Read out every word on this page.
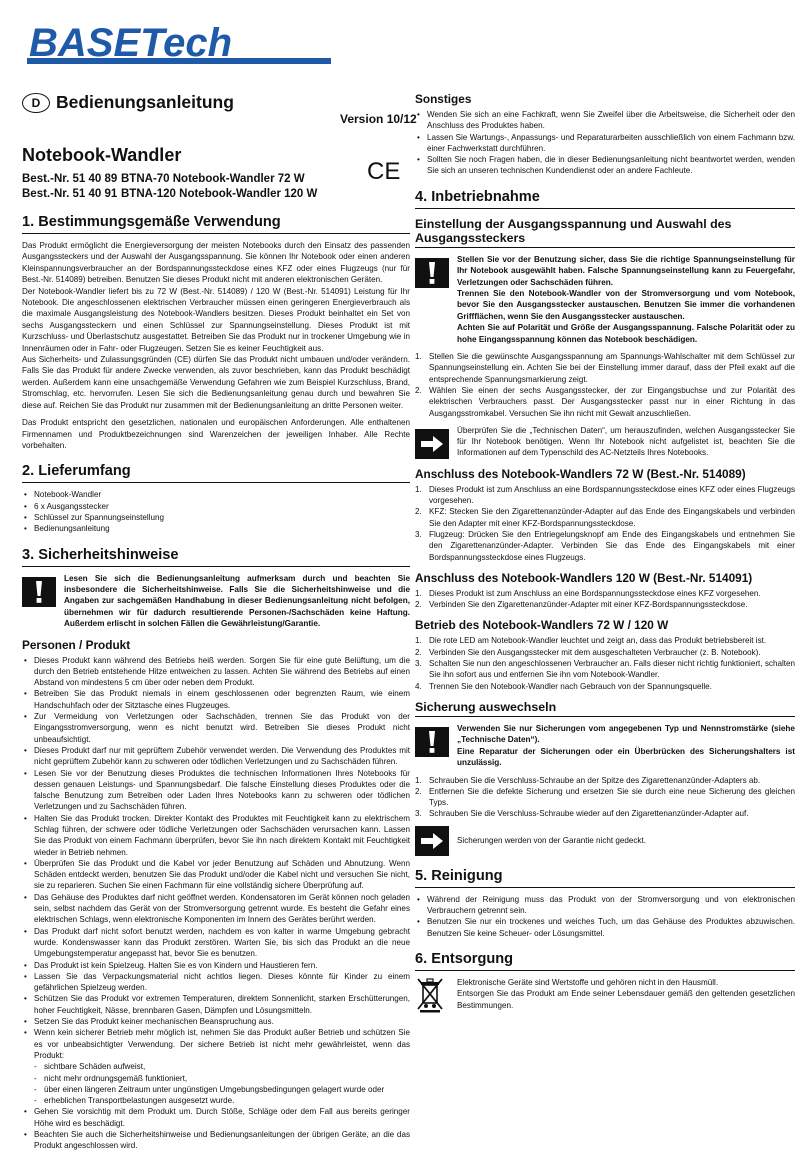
BASETech
D Bedienungsanleitung
Notebook-Wandler
Best.-Nr. 51 40 89 BTNA-70 Notebook-Wandler 72 W
Best.-Nr. 51 40 91 BTNA-120 Notebook-Wandler 120 W
1. Bestimmungsgemäße Verwendung

Das Produkt ermöglicht die Energieversorgung der meisten Notebooks durch den Einsatz des passenden Ausgangssteckers und der Auswahl der Ausgangsspannung. Sie können Ihr Notebook oder einen anderen Kleinspannungsverbraucher an der Bordspannungssteckdose eines KFZ oder eines Flugzeugs (nur für Best.-Nr. 514089) betreiben. Benutzen Sie dieses Produkt nicht mit anderen elektronischen Geräten.

Der Notebook-Wandler liefert bis zu 72 W (Best.-Nr. 514089) / 120 W (Best.-Nr. 514091) Leistung für Ihr Notebook. Die angeschlossenen elektrischen Verbraucher müssen einen geringeren Energieverbrauch als die maximale Ausgangsleistung des Notebook-Wandlers besitzen. Dieses Produkt beinhaltet ein Set von sechs Ausgangssteckern und einen Schlüssel zur Spannungseinstellung. Dieses Produkt ist mit Kurzschluss- und Überlastschutz ausgestattet. Betreiben Sie das Produkt nur in trockener Umgebung wie in Innenräumen oder in Fahr- oder Flugzeugen. Setzen Sie es keiner Feuchtigkeit aus.

Aus Sicherheits- und Zulassungsgründen (CE) dürfen Sie das Produkt nicht umbauen und/oder verändern. Falls Sie das Produkt für andere Zwecke verwenden, als zuvor beschrieben, kann das Produkt beschädigt werden. Außerdem kann eine unsachgemäße Verwendung Gefahren wie zum Beispiel Kurzschluss, Brand, Stromschlag, etc. hervorrufen. Lesen Sie sich die Bedienungsanleitung genau durch und bewahren Sie diese auf. Reichen Sie das Produkt nur zusammen mit der Bedienungsanleitung an dritte Personen weiter.

Das Produkt entspricht den gesetzlichen, nationalen und europäischen Anforderungen. Alle enthaltenen Firmennamen und Produktbezeichnungen sind Warenzeichen der jeweiligen Inhaber. Alle Rechte vorbehalten.

2. Lieferumfang
• Notebook-Wandler
• 6 x Ausgangsstecker
• Schlüssel zur Spannungseinstellung
• Bedienungsanleitung
3. Sicherheitshinweise
Lesen Sie sich die Bedienungsanleitung aufmerksam durch und beachten Sie insbesondere die Sicherheitshinweise. Falls Sie die Sicherheitshinweise und die Angaben zur sachgemäßen Handhabung in dieser Bedienungsanleitung nicht befolgen, übernehmen wir für dadurch resultierende Personen-/Sachschäden keine Haftung. Außerdem erlischt in solchen Fällen die Gewährleistung/Garantie.
Personen / Produkt
• Dieses Produkt kann während des Betriebs heiß werden. Sorgen Sie für eine gute Belüftung, um die durch den Betrieb entstehende Hitze entweichen zu lassen. Achten Sie während des Betriebs auf einen Abstand von mindestens 5 cm über oder neben dem Produkt.
• Betreiben Sie das Produkt niemals in einem geschlossenen oder begrenzten Raum, wie einem Handschuhfach oder der Sitztasche eines Flugzeuges.
• Zur Vermeidung von Verletzungen oder Sachschäden, trennen Sie das Produkt von der Eingangsstromversorgung, wenn es nicht benutzt wird. Betreiben Sie dieses Produkt nicht unbeaufsichtigt.
• Dieses Produkt darf nur mit geprüftem Zubehör verwendet werden. Die Verwendung des Produktes mit nicht geprüftem Zubehör kann zu schweren oder tödlichen Verletzungen und zu Sachschäden führen.
• Lesen Sie vor der Benutzung dieses Produktes die technischen Informationen Ihres Notebooks für dessen genauen Leistungs- und Spannungsbedarf. Die falsche Einstellung dieses Produktes oder die falsche Benutzung zum Betreiben oder Laden Ihres Notebooks kann zu schweren oder tödlichen Verletzungen und zu Sachschäden führen.
• Halten Sie das Produkt trocken. Direkter Kontakt des Produktes mit Feuchtigkeit kann zu elektrischem Schlag führen, der schwere oder tödliche Verletzungen oder Sachschäden verursachen kann. Lassen Sie das Produkt von einem Fachmann überprüfen, bevor Sie ihn nach direktem Kontakt mit Feuchtigkeit wieder in Betrieb nehmen.
• Überprüfen Sie das Produkt und die Kabel vor jeder Benutzung auf Schäden und Abnutzung. Wenn Schäden entdeckt werden, benutzen Sie das Produkt und/oder die Kabel nicht und versuchen Sie nicht, sie zu reparieren. Suchen Sie einen Fachmann für eine vollständig sichere Überprüfung auf.
• Das Gehäuse des Produktes darf nicht geöffnet werden. Kondensatoren im Gerät können noch geladen sein, selbst nachdem das Gerät von der Stromversorgung getrennt wurde. Es besteht die Gefahr eines elektrischen Schlags, wenn elektronische Komponenten im Innern des Gerätes berührt werden.
• Das Produkt darf nicht sofort benutzt werden, nachdem es von kalter in warme Umgebung gebracht wurde. Kondenswasser kann das Produkt zerstören. Warten Sie, bis sich das Produkt an die neue Umgebungstemperatur angepasst hat, bevor Sie es benutzen.
• Das Produkt ist kein Spielzeug. Halten Sie es von Kindern und Haustieren fern.
• Lassen Sie das Verpackungsmaterial nicht achtlos liegen. Dieses könnte für Kinder zu einem gefährlichen Spielzeug werden.
• Schützen Sie das Produkt vor extremen Temperaturen, direktem Sonnenlicht, starken Erschütterungen, hoher Feuchtigkeit, Nässe, brennbaren Gasen, Dämpfen und Lösungsmitteln.
• Setzen Sie das Produkt keiner mechanischen Beanspruchung aus.
• Wenn kein sicherer Betrieb mehr möglich ist, nehmen Sie das Produkt außer Betrieb und schützen Sie es vor unbeabsichtigter Verwendung. Der sichere Betrieb ist nicht mehr gewährleistet, wenn das Produkt:
- sichtbare Schäden aufweist,
- nicht mehr ordnungsgemäß funktioniert,
- über einen längeren Zeitraum unter ungünstigen Umgebungsbedingungen gelagert wurde oder
- erheblichen Transportbelastungen ausgesetzt wurde.
• Gehen Sie vorsichtig mit dem Produkt um. Durch Stöße, Schläge oder dem Fall aus bereits geringer Höhe wird es beschädigt.
• Beachten Sie auch die Sicherheitshinweise und Bedienungsanleitungen der übrigen Geräte, an die das Produkt angeschlossen wird.
Version 10/12
CE
Sonstiges
• Wenden Sie sich an eine Fachkraft, wenn Sie Zweifel über die Arbeitsweise, die Sicherheit oder den Anschluss des Produktes haben.
• Lassen Sie Wartungs-, Anpassungs- und Reparaturarbeiten ausschließlich von einem Fachmann bzw. einer Fachwerkstatt durchführen.
• Sollten Sie noch Fragen haben, die in dieser Bedienungsanleitung nicht beantwortet werden, wenden Sie sich an unseren technischen Kundendienst oder an andere Fachleute.
4. Inbetriebnahme
Einstellung der Ausgangsspannung und Auswahl des Ausgangssteckers
Stellen Sie vor der Benutzung sicher, dass Sie die richtige Spannungseinstellung für Ihr Notebook ausgewählt haben. Falsche Spannungseinstellung kann zu Feuergefahr, Verletzungen oder Sachschäden führen.
Trennen Sie den Notebook-Wandler von der Stromversorgung und vom Notebook, bevor Sie den Ausgangsstecker austauschen. Benutzen Sie immer die vorhandenen Griffflächen, wenn Sie den Ausgangsstecker austauschen.
Achten Sie auf Polarität und Größe der Ausgangsspannung. Falsche Polarität oder zu hohe Eingangsspannung können das Notebook beschädigen.
1. Stellen Sie die gewünschte Ausgangsspannung am Spannungs-Wahlschalter mit dem Schlüssel zur Spannungseinstellung ein. Achten Sie bei der Einstellung immer darauf, dass der Pfeil exakt auf die entsprechende Spannungsmarkierung zeigt.
2. Wählen Sie einen der sechs Ausgangsstecker, der zur Eingangsbuchse und zur Polarität des elektrischen Verbrauchers passt. Der Ausgangsstecker passt nur in einer Richtung in das Ausgangsstromkabel. Versuchen Sie ihn nicht mit Gewalt anzuschließen.
Überprüfen Sie die „Technischen Daten“, um herauszufinden, welchen Ausgangsstecker Sie für Ihr Notebook benötigen. Wenn Ihr Notebook nicht aufgelistet ist, beachten Sie die Informationen auf dem Typenschild des AC-Netzteils Ihres Notebooks.
Anschluss des Notebook-Wandlers 72 W (Best.-Nr. 514089)
1. Dieses Produkt ist zum Anschluss an eine Bordspannungssteckdose eines KFZ oder eines Flugzeugs vorgesehen.
2. KFZ: Stecken Sie den Zigarettenanzünder-Adapter auf das Ende des Eingangskabels und verbinden Sie den Adapter mit einer KFZ-Bordspannungssteckdose.
3. Flugzeug: Drücken Sie den Entriegelungsknopf am Ende des Eingangskabels und entnehmen Sie den Zigarettenanzünder-Adapter. Verbinden Sie das Ende des Eingangskabels mit einer Bordspannungssteckdose eines Flugzeugs.
Anschluss des Notebook-Wandlers 120 W (Best.-Nr. 514091)
1. Dieses Produkt ist zum Anschluss an eine Bordspannungssteckdose eines KFZ vorgesehen.
2. Verbinden Sie den Zigarettenanzünder-Adapter mit einer KFZ-Bordspannungssteckdose.
Betrieb des Notebook-Wandlers 72 W / 120 W
1. Die rote LED am Notebook-Wandler leuchtet und zeigt an, dass das Produkt betriebsbereit ist.
2. Verbinden Sie den Ausgangsstecker mit dem ausgeschalteten Verbraucher (z. B. Notebook).
3. Schalten Sie nun den angeschlossenen Verbraucher an. Falls dieser nicht richtig funktioniert, schalten Sie ihn sofort aus und entfernen Sie ihn vom Notebook-Wandler.
4. Trennen Sie den Notebook-Wandler nach Gebrauch von der Spannungsquelle.
Sicherung auswechseln
Verwenden Sie nur Sicherungen vom angegebenen Typ und Nennstromstärke (siehe „Technische Daten“).
Eine Reparatur der Sicherungen oder ein Überbrücken des Sicherungshalters ist unzulässig.
1. Schrauben Sie die Verschluss-Schraube an der Spitze des Zigarettenanzünder-Adapters ab.
2. Entfernen Sie die defekte Sicherung und ersetzen Sie sie durch eine neue Sicherung des gleichen Typs.
3. Schrauben Sie die Verschluss-Schraube wieder auf den Zigarettenanzünder-Adapter auf.
Sicherungen werden von der Garantie nicht gedeckt.
5. Reinigung
• Während der Reinigung muss das Produkt von der Stromversorgung und von elektronischen Verbrauchern getrennt sein.
• Benutzen Sie nur ein trockenes und weiches Tuch, um das Gehäuse des Produktes abzuwischen. Benutzen Sie keine Scheuer- oder Lösungsmittel.
6. Entsorgung
Elektronische Geräte sind Wertstoffe und gehören nicht in den Hausmüll.
Entsorgen Sie das Produkt am Ende seiner Lebensdauer gemäß den geltenden gesetzlichen Bestimmungen.
